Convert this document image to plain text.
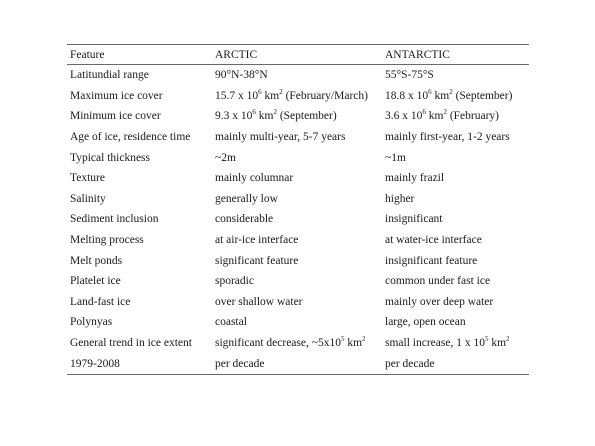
Feature	ARCTIC	ANTARCTIC
Latitundial range	90°N-38°N	55°S-75°S
Maximum ice cover	15.7 x $10^6$ $km^2$ (February/March)	18.8 x $10^6$ $km^2$ (September)
Minimum ice cover	9.3 x $10^6$ $km^2$ (September)	3.6 x $10^6$ $km^2$ (February)
Age of ice, residence time	mainly multi-year, 5-7 years	mainly first-year, 1-2 years
Typical thickness	~2m	~1m
Texture	mainly columnar	mainly frazil
Salinity	generally low	higher
Sediment inclusion	considerable	insignificant
Melting process	at air-ice interface	at water-ice interface
Melt ponds	significant feature	insignificant feature
Platelet ice	sporadic	common under fast ice
Land-fast ice	over shallow water	mainly over deep water
Polynyas	coastal	large, open ocean
General trend in ice extent	significant decrease, $\sim 5x10^5$ $km^2$	small increase, 1 x $10^5$ $km^2$
1979-2008	per decade	per decade
